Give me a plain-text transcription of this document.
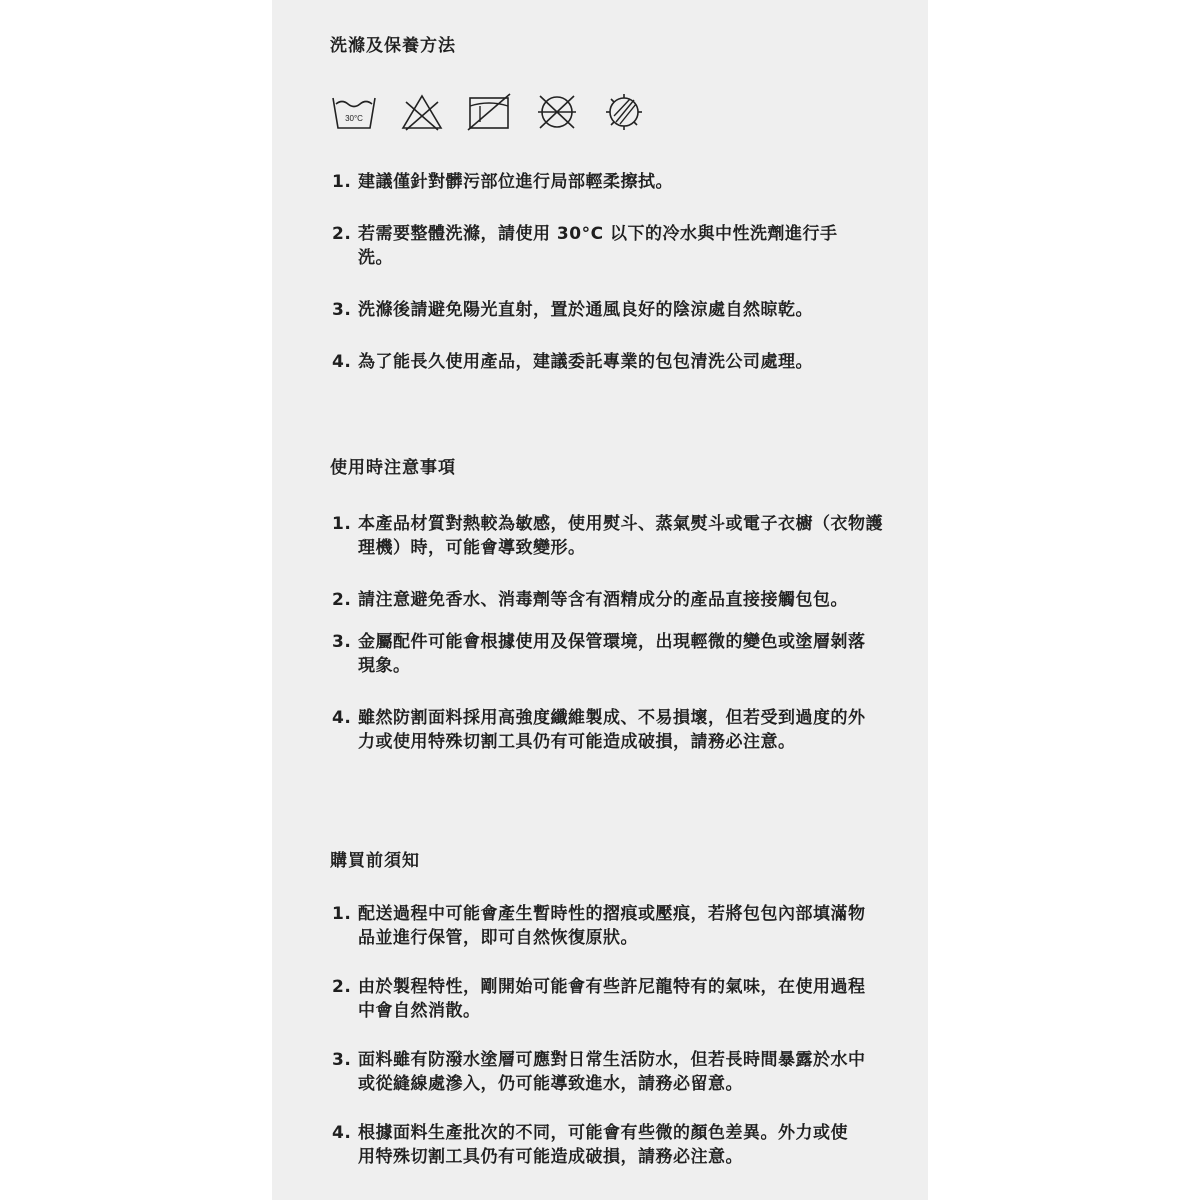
洗滌及保養方法
30°C
1. 建議僅針對髒污部位進行局部輕柔擦拭。
2. 若需要整體洗滌，請使用 30°C 以下的冷水與中性洗劑進行手洗。
3. 洗滌後請避免陽光直射，置於通風良好的陰涼處自然晾乾。
4. 為了能長久使用產品，建議委託專業的包包清洗公司處理。
使用時注意事項
1. 本產品材質對熱較為敏感，使用熨斗、蒸氣熨斗或電子衣櫥（衣物護理機）時，可能會導致變形。
2. 請注意避免香水、消毒劑等含有酒精成分的產品直接接觸包包。
3. 金屬配件可能會根據使用及保管環境，出現輕微的變色或塗層剝落現象。
4. 雖然防割面料採用高強度纖維製成、不易損壞，但若受到過度的外力或使用特殊切割工具仍有可能造成破損，請務必注意。
購買前須知
1. 配送過程中可能會產生暫時性的摺痕或壓痕，若將包包內部填滿物品並進行保管，即可自然恢復原狀。
2. 由於製程特性，剛開始可能會有些許尼龍特有的氣味，在使用過程中會自然消散。
3. 面料雖有防潑水塗層可應對日常生活防水，但若長時間暴露於水中或從縫線處滲入，仍可能導致進水，請務必留意。
4. 根據面料生產批次的不同，可能會有些微的顏色差異。外力或使用特殊切割工具仍有可能造成破損，請務必注意。
